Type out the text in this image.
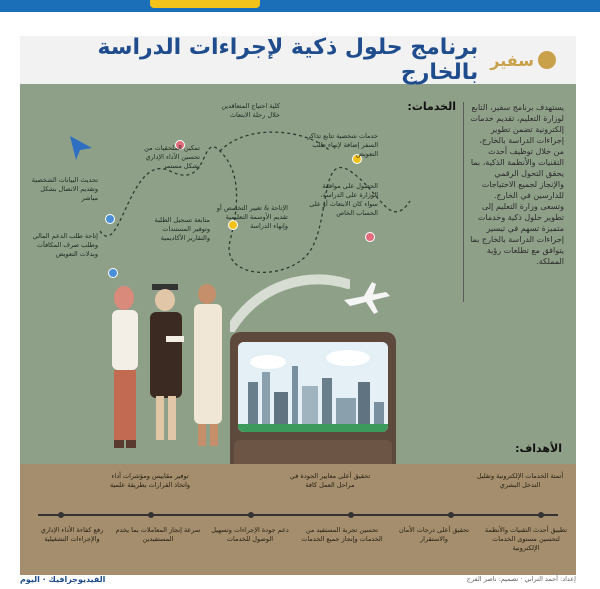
سفير
برنامج حلول ذكية لإجراءات الدراسة بالخارج
يستهدف برنامج سفير، التابع لوزارة التعليم، تقديم خدمات إلكترونية تضمن تطوير إجراءات الدراسة بالخارج، من خلال توظيف أحدث التقنيات والأنظمة الذكية، بما يحقق التحول الرقمي والإنجاز لجميع الاحتياجات للدارسين في الخارج. وتسعى وزارة التعليم إلى تطوير حلول ذكية وخدمات متميزة تسهم في تيسير إجراءات الدراسة بالخارج بما يتوافق مع تطلعات رؤية المملكة.
الخدمات:
كلية احتياج المتعاقدين خلال رحلة الابتعاث
خدمات شخصية تتابع تذاكر السفر إضافة لإنهاء طلب التعويض
الحصول على موافقة الوزارة على الدراسة، سواء كان الابتعاث أو على الحساب الخاص
الإتاحة & تغيير التخصص أو تقديم الأوسمة التعليمية وإنهاء الدراسة
تمكين الملحقيات من تحسين الأداء الإداري بشكل مستمر
متابعة تسجيل الطلبة وتوفير المستندات والتقارير الأكاديمية
تحديث البيانات الشخصية وتقديم الاتصال بشكل مباشر
إتاحة طلب الدعم المالي وطلب صرف المكافآت وبدلات التعويض
الأهداف:
أتمتة الخدمات الإلكترونية وتقليل التدخل البشري
تحقيق أعلى معايير الجودة في مراحل العمل كافة
توفير مقاييس ومؤشرات أداء واتخاذ القرارات بطريقة علمية
تطبيق أحدث التقنيات والأنظمة لتحسين مستوى الخدمات الإلكترونية
تحقيق أعلى درجات الأمان والاستقرار
تحسين تجربة المستفيد من الخدمات وإنجاز جميع الخدمات
دعم جودة الإجراءات وتسهيل الوصول للخدمات
سرعة إنجاز المعاملات بما يخدم المستفيدين
رفع كفاءة الأداء الإداري والإجراءات التشغيلية
الفيديوجرافيك · اليوم	إعداد: أحمد الترابي · تصميم: ناصر الفرج
